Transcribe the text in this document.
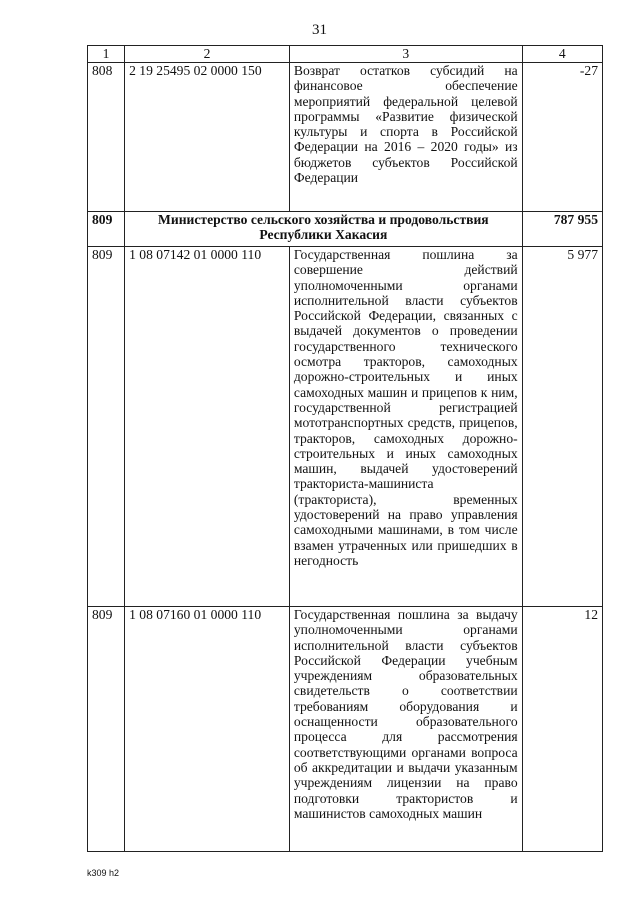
31
1	2	3	4
808	2 19 25495 02 0000 150	Возврат остатков субсидий на финансовое обеспечение мероприятий федеральной целевой программы «Развитие физической культуры и спорта в Российской Федерации на 2016 – 2020 годы» из бюджетов субъектов Российской Федерации	-27
809	Министерство сельского хозяйства и продовольствия Республики Хакасия		787 955
809	1 08 07142 01 0000 110	Государственная пошлина за совершение действий уполномоченными органами исполнительной власти субъектов Российской Федерации, связанных с выдачей документов о проведении государственного технического осмотра тракторов, самоходных дорожно-строительных и иных самоходных машин и прицепов к ним, государственной регистрацией мототранспортных средств, прицепов, тракторов, самоходных дорожно-строительных и иных самоходных машин, выдачей удостоверений тракториста-машиниста (тракториста), временных удостоверений на право управления самоходными машинами, в том числе взамен утраченных или пришедших в негодность	5 977
809	1 08 07160 01 0000 110	Государственная пошлина за выдачу уполномоченными органами исполнительной власти субъектов Российской Федерации учебным учреждениям образовательных свидетельств о соответствии требованиям оборудования и оснащенности образовательного процесса для рассмотрения соответствующими органами вопроса об аккредитации и выдачи указанным учреждениям лицензии на право подготовки трактористов и машинистов самоходных машин	12
k309 h2
